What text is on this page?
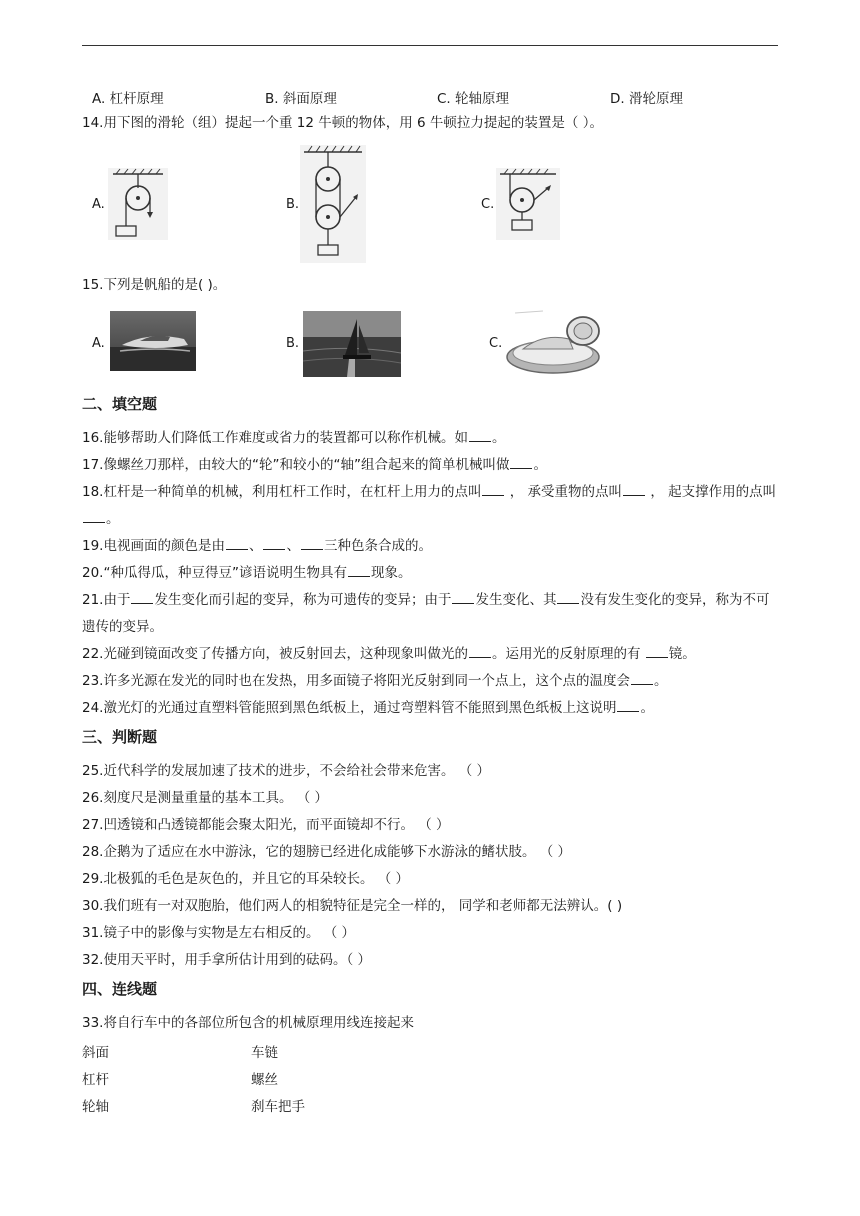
A. 杠杆原理	B. 斜面原理	C. 轮轴原理	D. 滑轮原理
14.用下图的滑轮（组）提起一个重 12 牛顿的物体，用 6 牛顿拉力提起的装置是（ ）。
A.	B.	C.
15.下列是帆船的是( )。
A.	B.	C.
二、填空题
16.能够帮助人们降低工作难度或省力的装置都可以称作机械。如 。
17.像螺丝刀那样，由较大的“轮”和较小的“轴”组合起来的简单机械叫做 。
18.杠杆是一种简单的机械，利用杠杆工作时，在杠杆上用力的点叫 ， 承受重物的点叫 ， 起支撑作用的点叫。
19.电视画面的颜色是由 、 、 三种色条合成的。
20.“种瓜得瓜，种豆得豆”谚语说明生物具有 现象。
21.由于 发生变化而引起的变异，称为可遗传的变异；由于 发生变化、其 没有发生变化的变异，称为不可遗传的变异。
22.光碰到镜面改变了传播方向，被反射回去，这种现象叫做光的 。运用光的反射原理的有 镜。
23.许多光源在发光的同时也在发热，用多面镜子将阳光反射到同一个点上，这个点的温度会 。
24.激光灯的光通过直塑料管能照到黑色纸板上，通过弯塑料管不能照到黑色纸板上这说明 。
三、判断题
25.近代科学的发展加速了技术的进步，不会给社会带来危害。 （ ）
26.刻度尺是测量重量的基本工具。 （ ）
27.凹透镜和凸透镜都能会聚太阳光，而平面镜却不行。 （ ）
28.企鹅为了适应在水中游泳，它的翅膀已经进化成能够下水游泳的鳍状肢。 （ ）
29.北极狐的毛色是灰色的，并且它的耳朵较长。 （ ）
30.我们班有一对双胞胎，他们两人的相貌特征是完全一样的， 同学和老师都无法辨认。( )
31.镜子中的影像与实物是左右相反的。 （ ）
32.使用天平时，用手拿所估计用到的砝码。（ ）
四、连线题
33.将自行车中的各部位所包含的机械原理用线连接起来
斜面	车链
杠杆	螺丝
轮轴	刹车把手
